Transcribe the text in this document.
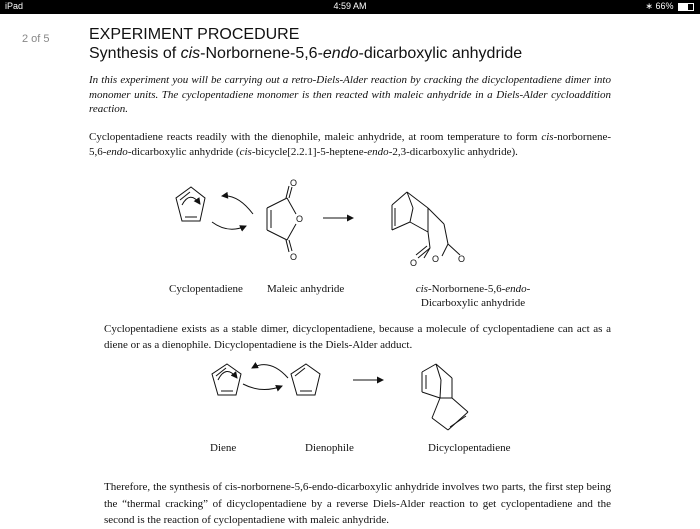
iPad	4:59 AM	∗ 66%
2 of 5 EXPERIMENT PROCEDURE
Synthesis of cis-Norbornene-5,6-endo-dicarboxylic anhydride
In this experiment you will be carrying out a retro-Diels-Alder reaction by cracking the dicyclopentadiene dimer into monomer units. The cyclopentadiene monomer is then reacted with maleic anhydride in a Diels-Alder cycloaddition reaction.
Cyclopentadiene reacts readily with the dienophile, maleic anhydride, at room temperature to form cis-norbornene-5,6-endo-dicarboxylic anhydride (cis-bicycle[2.2.1]-5-heptene-endo-2,3-dicarboxylic anhydride).
O
O
O
O O O
Cyclopentadiene Maleic anhydride	cis-Norbornene-5,6-endo-
Dicarboxylic anhydride
Cyclopentadiene exists as a stable dimer, dicyclopentadiene, because a molecule of cyclopentadiene can act as a diene or as a dienophile. Dicyclopentadiene is the Diels-Alder adduct.
Diene	Dienophile	Dicyclopentadiene
Therefore, the synthesis of cis-norbornene-5,6-endo-dicarboxylic anhydride involves two parts, the first step being the “thermal cracking” of dicyclopentadiene by a reverse Diels-Alder reaction to get cyclopentadiene and the second is the reaction of cyclopentadiene with maleic anhydride.
